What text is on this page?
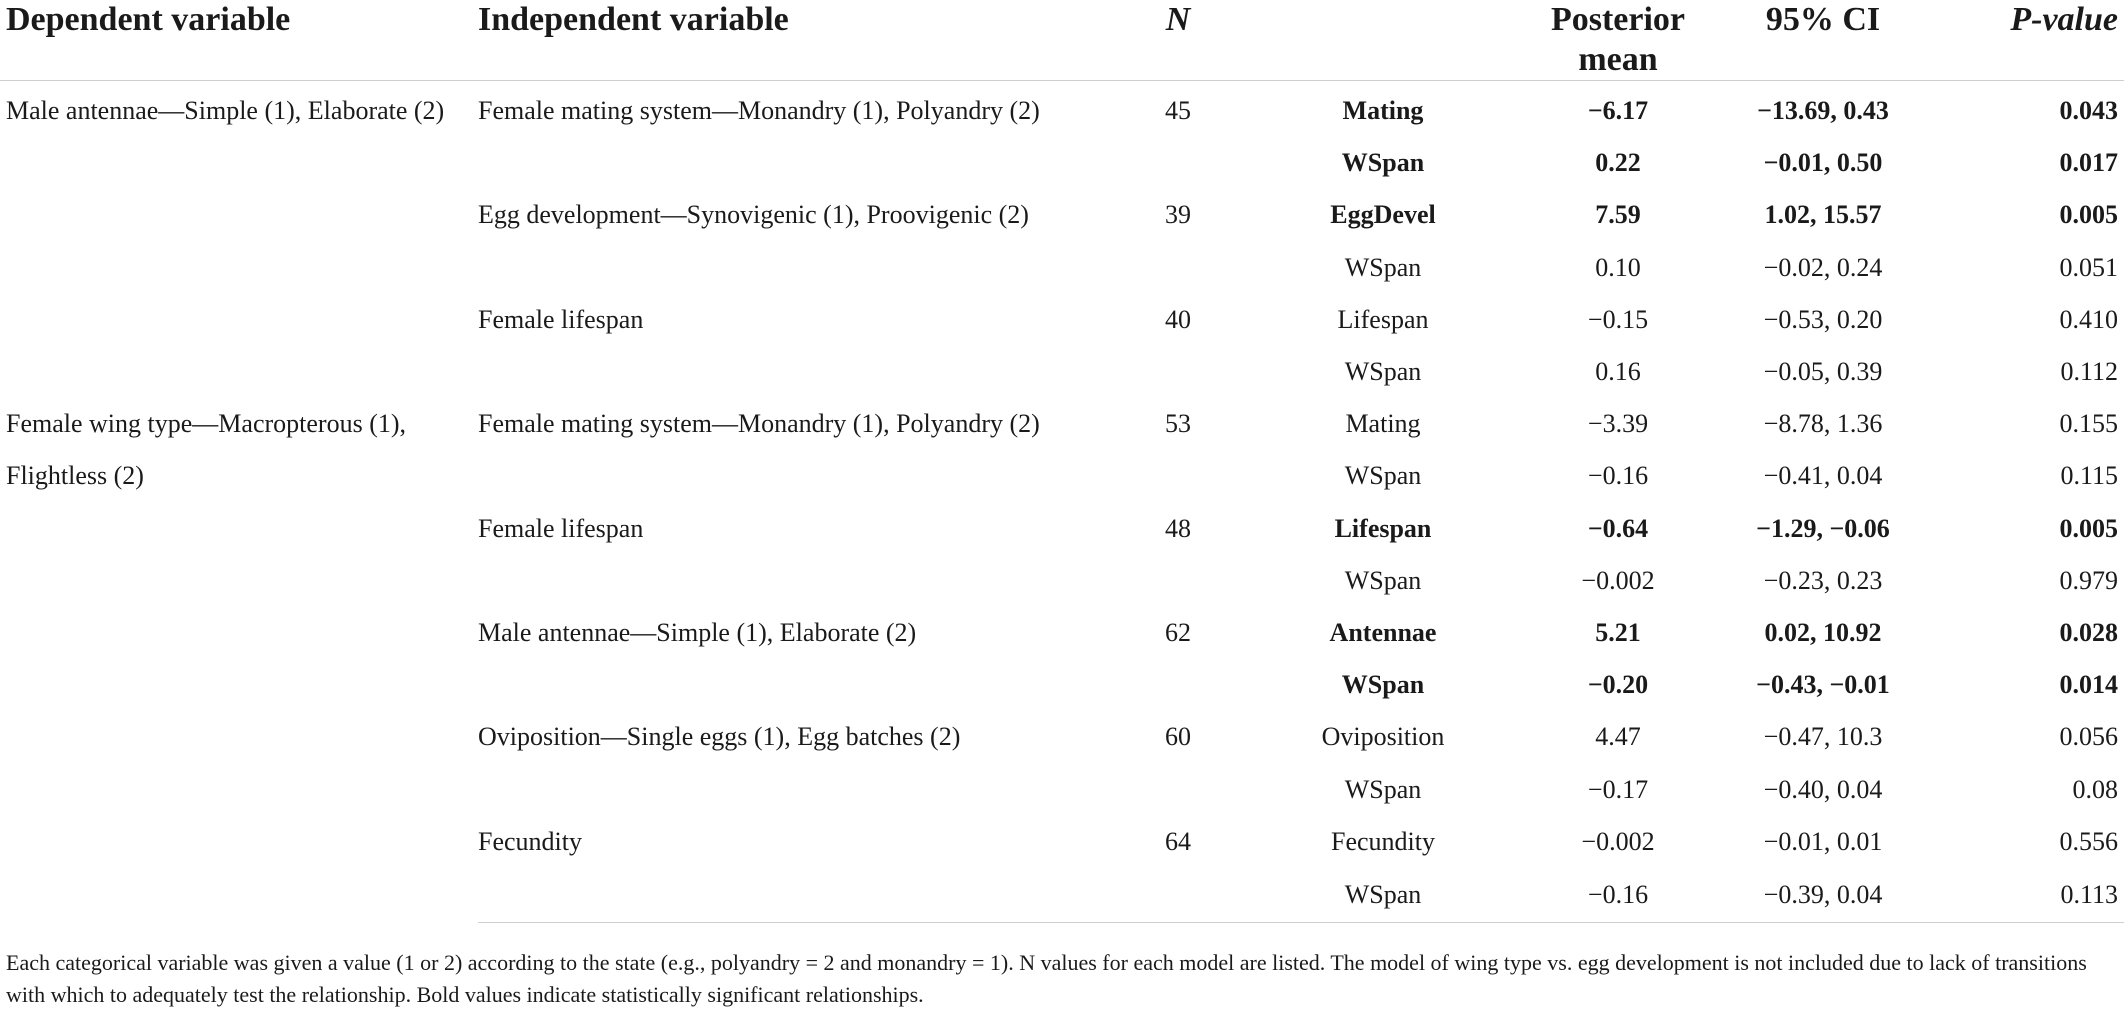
Dependent variable	Independent variable	N		Posterior mean	95% CI	P-value
Male antennae—Simple (1), Elaborate (2)	Female mating system—Monandry (1), Polyandry (2)	45	Mating	−6.17	−13.69, 0.43	0.043
			WSpan	0.22	−0.01, 0.50	0.017
	Egg development—Synovigenic (1), Proovigenic (2)	39	EggDevel	7.59	1.02, 15.57	0.005
			WSpan	0.10	−0.02, 0.24	0.051
	Female lifespan	40	Lifespan	−0.15	−0.53, 0.20	0.410
			WSpan	0.16	−0.05, 0.39	0.112
Female wing type—Macropterous (1), Flightless (2)	Female mating system—Monandry (1), Polyandry (2)	53	Mating	−3.39	−8.78, 1.36	0.155
			WSpan	−0.16	−0.41, 0.04	0.115
	Female lifespan	48	Lifespan	−0.64	−1.29, −0.06	0.005
			WSpan	−0.002	−0.23, 0.23	0.979
	Male antennae—Simple (1), Elaborate (2)	62	Antennae	5.21	0.02, 10.92	0.028
			WSpan	−0.20	−0.43, −0.01	0.014
	Oviposition—Single eggs (1), Egg batches (2)	60	Oviposition	4.47	−0.47, 10.3	0.056
			WSpan	−0.17	−0.40, 0.04	0.08
	Fecundity	64	Fecundity	−0.002	−0.01, 0.01	0.556
			WSpan	−0.16	−0.39, 0.04	0.113
Each categorical variable was given a value (1 or 2) according to the state (e.g., polyandry = 2 and monandry = 1). N values for each model are listed. The model of wing type vs. egg development is not included due to lack of transitions with which to adequately test the relationship. Bold values indicate statistically significant relationships.
